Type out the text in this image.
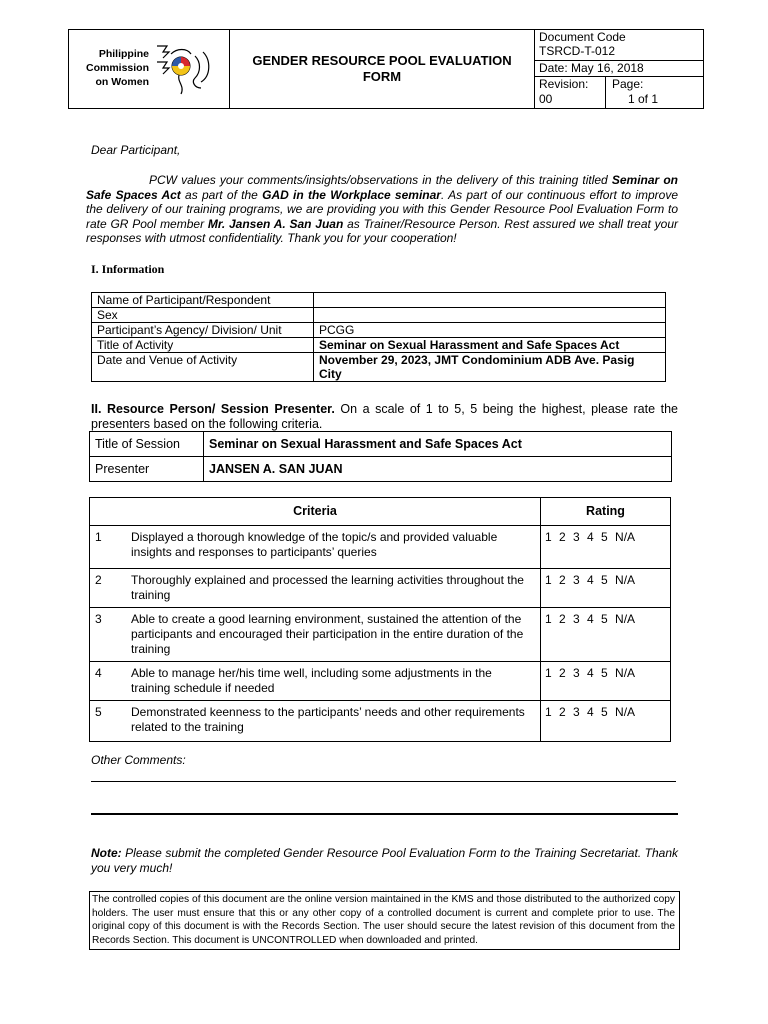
Philippine
Commission
on Women
GENDER RESOURCE POOL EVALUATION
FORM
Document Code
TSRCD-T-012
Date: May 16, 2018
Revision:
00
Page:
1 of 1
Dear Participant,
PCW values your comments/insights/observations in the delivery of this training titled Seminar on Safe Spaces Act as part of the GAD in the Workplace seminar. As part of our continuous effort to improve the delivery of our training programs, we are providing you with this Gender Resource Pool Evaluation Form to rate GR Pool member Mr. Jansen A. San Juan as Trainer/Resource Person. Rest assured we shall treat your responses with utmost confidentiality. Thank you for your cooperation!
I. Information
Name of Participant/Respondent	
Sex	
Participant’s Agency/ Division/ Unit	PCGG
Title of Activity	Seminar on Sexual Harassment and Safe Spaces Act
Date and Venue of Activity	November 29, 2023, JMT Condominium ADB Ave. Pasig City
II. Resource Person/ Session Presenter. On a scale of 1 to 5, 5 being the highest, please rate the presenters based on the following criteria.
Title of Session	Seminar on Sexual Harassment and Safe Spaces Act
Presenter	JANSEN A. SAN JUAN
Criteria	Rating
1 Displayed a thorough knowledge of the topic/s and provided valuable insights and responses to participants’ queries	1 2 3 4 5 N/A
2 Thoroughly explained and processed the learning activities throughout the training	1 2 3 4 5 N/A
3 Able to create a good learning environment, sustained the attention of the participants and encouraged their participation in the entire duration of the training	1 2 3 4 5 N/A
4 Able to manage her/his time well, including some adjustments in the training schedule if needed	1 2 3 4 5 N/A
5 Demonstrated keenness to the participants’ needs and other requirements related to the training	1 2 3 4 5 N/A
Other Comments:
Note: Please submit the completed Gender Resource Pool Evaluation Form to the Training Secretariat. Thank you very much!
The controlled copies of this document are the online version maintained in the KMS and those distributed to the authorized copy holders. The user must ensure that this or any other copy of a controlled document is current and complete prior to use. The original copy of this document is with the Records Section. The user should secure the latest revision of this document from the Records Section. This document is UNCONTROLLED when downloaded and printed.
